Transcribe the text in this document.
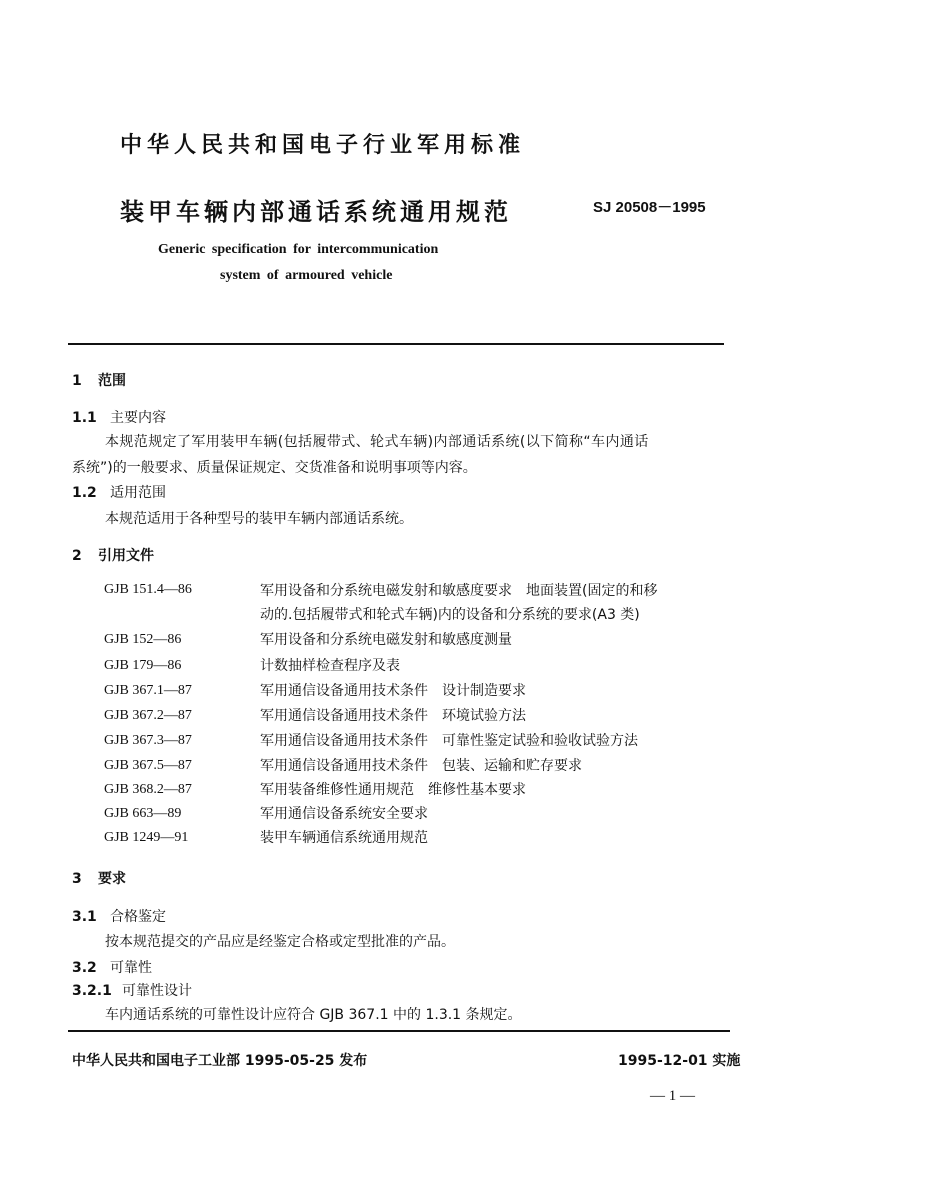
中华人民共和国电子行业军用标准
装甲车辆内部通话系统通用规范	SJ 20508－1995
Generic specification for intercommunication
system of armoured vehicle
1 范围
1.1 主要内容
本规范规定了军用装甲车辆(包括履带式、轮式车辆)内部通话系统(以下简称“车内通话
系统”)的一般要求、质量保证规定、交货准备和说明事项等内容。
1.2 适用范围
本规范适用于各种型号的装甲车辆内部通话系统。
2 引用文件
GJB 151.4—86	军用设备和分系统电磁发射和敏感度要求　地面装置(固定的和移
动的.包括履带式和轮式车辆)内的设备和分系统的要求(A3 类)
GJB 152—86	军用设备和分系统电磁发射和敏感度测量
GJB 179—86	计数抽样检查程序及表
GJB 367.1—87	军用通信设备通用技术条件　设计制造要求
GJB 367.2—87	军用通信设备通用技术条件　环境试验方法
GJB 367.3—87	军用通信设备通用技术条件　可靠性鉴定试验和验收试验方法
GJB 367.5—87	军用通信设备通用技术条件　包装、运输和贮存要求
GJB 368.2—87	军用装备维修性通用规范　维修性基本要求
GJB 663—89	军用通信设备系统安全要求
GJB 1249—91	装甲车辆通信系统通用规范
3 要求
3.1 合格鉴定
按本规范提交的产品应是经鉴定合格或定型批准的产品。
3.2 可靠性
3.2.1 可靠性设计
车内通话系统的可靠性设计应符合 GJB 367.1 中的 1.3.1 条规定。
中华人民共和国电子工业部 1995-05-25 发布	1995-12-01 实施
— 1 —
